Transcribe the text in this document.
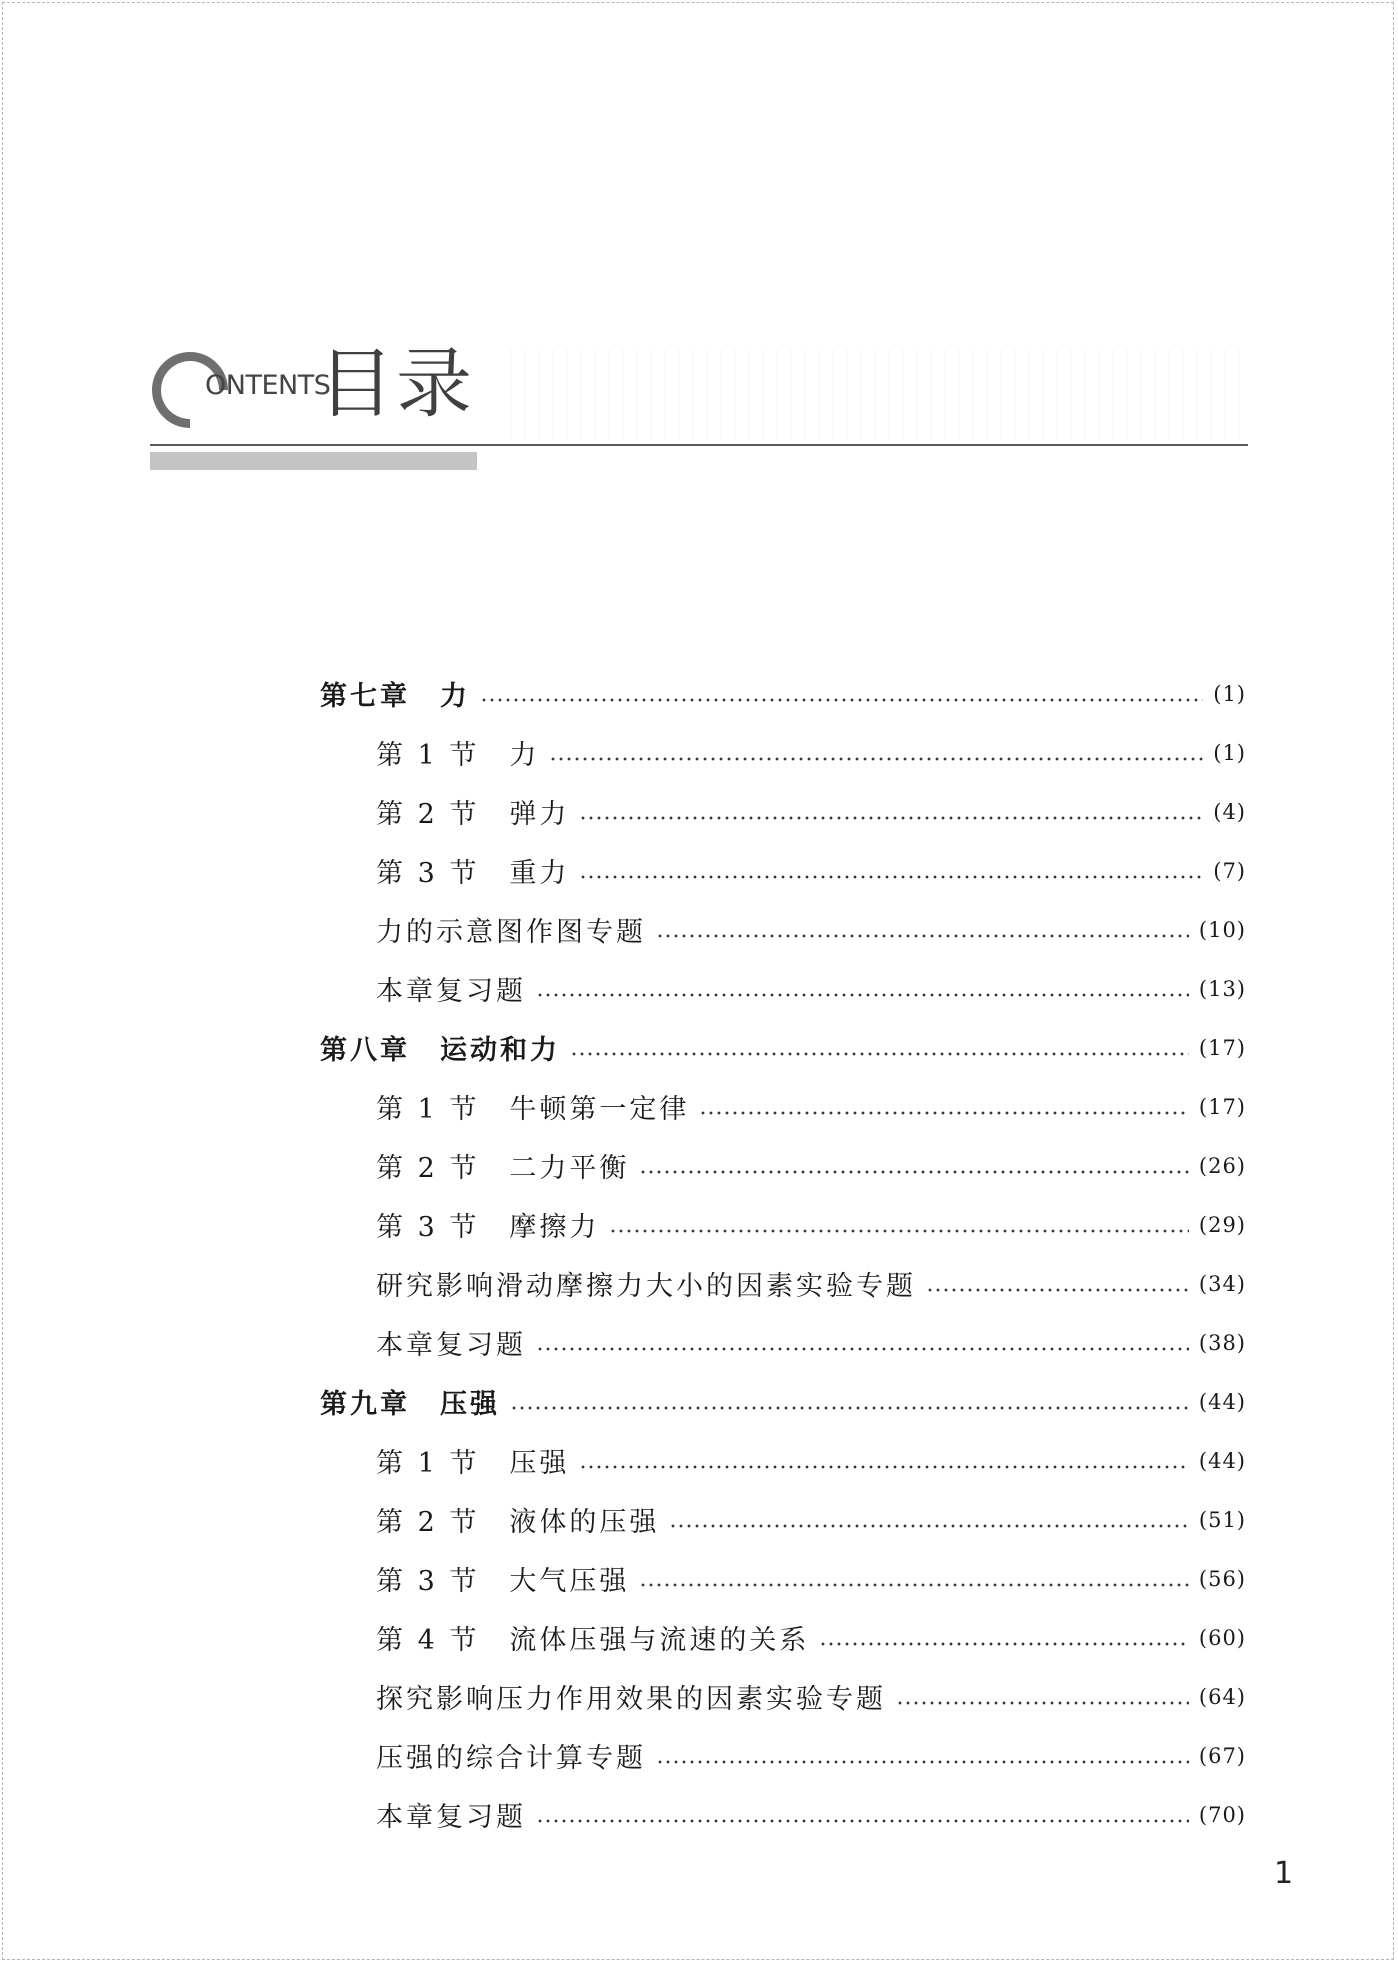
ONTENTS
目录
第七章 力	(1)
第 1 节 力	(1)
第 2 节 弹力	(4)
第 3 节 重力	(7)
力的示意图作图专题	(10)
本章复习题	(13)
第八章 运动和力	(17)
第 1 节 牛顿第一定律	(17)
第 2 节 二力平衡	(26)
第 3 节 摩擦力	(29)
研究影响滑动摩擦力大小的因素实验专题	(34)
本章复习题	(38)
第九章 压强	(44)
第 1 节 压强	(44)
第 2 节 液体的压强	(51)
第 3 节 大气压强	(56)
第 4 节 流体压强与流速的关系	(60)
探究影响压力作用效果的因素实验专题	(64)
压强的综合计算专题	(67)
本章复习题	(70)
1
